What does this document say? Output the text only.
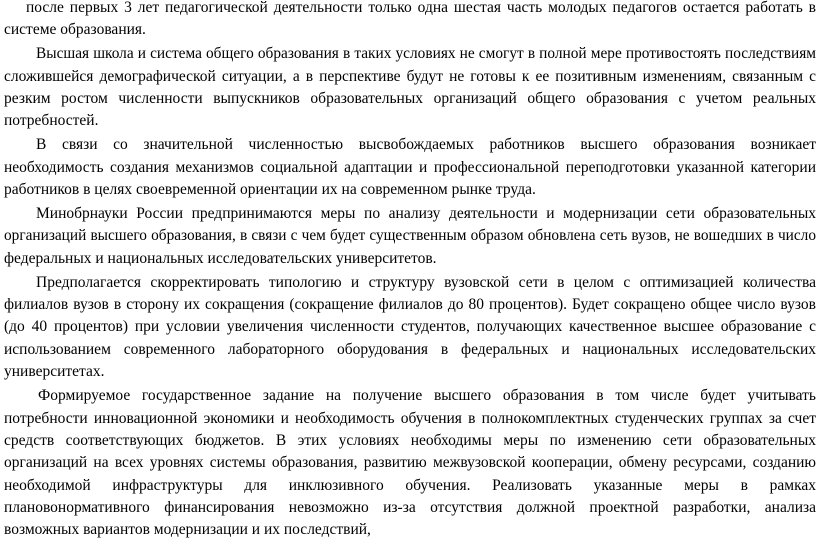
после первых 3 лет педагогической деятельности только одна шестая часть молодых педагогов остается работать в
системе образования.
Высшая школа и система общего образования в таких условиях не смогут в полной мере противостоять последствиям
сложившейся демографической ситуации, а в перспективе будут не готовы к ее позитивным изменениям, связанным с
резким ростом численности выпускников образовательных организаций общего образования с учетом реальных
потребностей.
В связи со значительной численностью высвобождаемых работников высшего образования возникает
необходимость создания механизмов социальной адаптации и профессиональной переподготовки указанной категории
работников в целях своевременной ориентации их на современном рынке труда.
Минобрнауки России предпринимаются меры по анализу деятельности и модернизации сети образовательных
организаций высшего образования, в связи с чем будет существенным образом обновлена сеть вузов, не вошедших в число
федеральных и национальных исследовательских университетов.
Предполагается скорректировать типологию и структуру вузовской сети в целом с оптимизацией количества
филиалов вузов в сторону их сокращения (сокращение филиалов до 80 процентов). Будет сокращено общее число вузов
(до 40 процентов) при условии увеличения численности студентов, получающих качественное высшее образование с
использованием современного лабораторного оборудования в федеральных и национальных исследовательских
университетах.
Формируемое государственное задание на получение высшего образования в том числе будет учитывать
потребности инновационной экономики и необходимость обучения в полнокомплектных студенческих группах за счет
средств соответствующих бюджетов. В этих условиях необходимы меры по изменению сети образовательных
организаций на всех уровнях системы образования, развитию межвузовской кооперации, обмену ресурсами, созданию
необходимой инфраструктуры для инклюзивного обучения. Реализовать указанные меры в рамках
плановонормативного финансирования невозможно из-за отсутствия должной проектной разработки, анализа
возможных вариантов модернизации и их последствий,
